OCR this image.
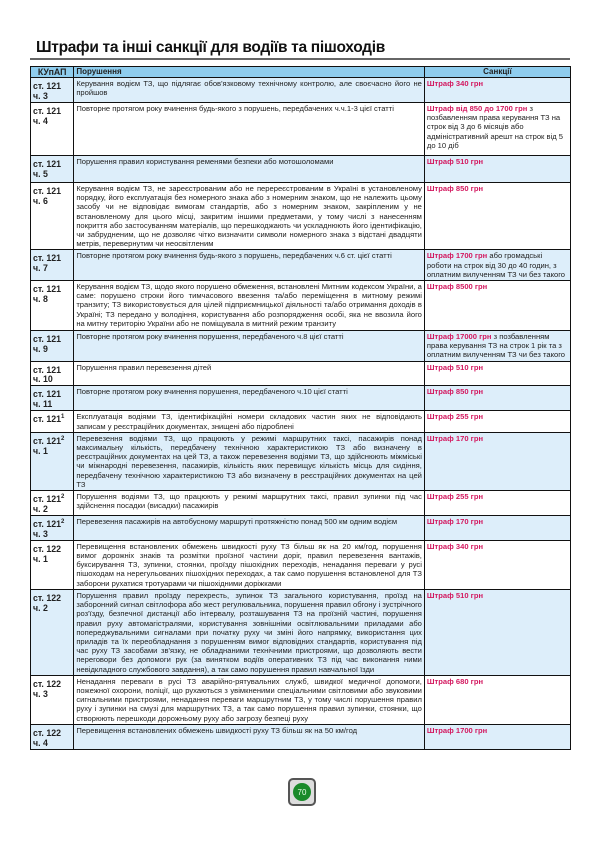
Штрафи та інші санкції для водіїв та пішоходів
КУпАП	Порушення	Санкції
ст. 121
ч. 3	Керування водієм ТЗ, що підлягає обов'язковому технічному контролю, але своєчасно його не пройшов	Штраф 340 грн
ст. 121
ч. 4	Повторне протягом року вчинення будь-якого з порушень, передбачених ч.ч.1-3 цієї статті	Штраф від 850 до 1700 грн з позбавленням права керування ТЗ на строк від 3 до 6 місяців або адміністративний арешт на строк від 5 до 10 діб
ст. 121
ч. 5	Порушення правил користування ременями безпеки або мотошоломами	Штраф 510 грн
ст. 121
ч. 6	Керування водієм ТЗ, не зареєстрованим або не перереєстрованим в Україні в установленому порядку, його експлуатація без номерного знака або з номерним знаком, що не належить цьому засобу чи не відповідає вимогам стандартів, або з номерним знаком, закріпленим у не встановленому для цього місці, закритим іншими предметами, у тому числі з нанесенням покриття або застосуванням матеріалів, що перешкоджають чи ускладнюють його ідентифікацію, чи забрудненим, що не дозволяє чітко визначити символи номерного знака з відстані двадцяти метрів, перевернутим чи неосвітленим	Штраф 850 грн
ст. 121
ч. 7	Повторне протягом року вчинення будь-якого з порушень, передбачених ч.6 ст. цієї статті	Штраф 1700 грн або громадські роботи на строк від 30 до 40 годин, з оплатним вилученням ТЗ чи без такого
ст. 121
ч. 8	Керування водієм ТЗ, щодо якого порушено обмеження, встановлені Митним кодексом України, а саме: порушено строки його тимчасового ввезення та/або переміщення в митному режимі транзиту; ТЗ використовується для цілей підприємницької діяльності та/або отримання доходів в Україні; ТЗ передано у володіння, користування або розпорядження особі, яка не ввозила його на митну територію України або не поміщувала в митний режим транзиту	Штраф 8500 грн
ст. 121
ч. 9	Повторне протягом року вчинення порушення, передбаченого ч.8 цієї статті	Штраф 17000 грн з позбавленням права керування ТЗ на строк 1 рік та з оплатним вилученням ТЗ чи без такого
ст. 121
ч. 10	Порушення правил перевезення дітей	Штраф 510 грн
ст. 121
ч. 11	Повторне протягом року вчинення порушення, передбаченого ч.10 цієї статті	Штраф 850 грн
ст. $121^1$	Експлуатація водіями ТЗ, ідентифікаційні номери складових частин яких не відповідають записам у реєстраційних документах, знищені або підроблені	Штраф 255 грн
ст. $121^2$
ч. 1	Перевезення водіями ТЗ, що працюють у режимі маршрутних таксі, пасажирів понад максимальну кількість, передбачену технічною характеристикою ТЗ або визначену в реєстраційних документах на цей ТЗ, а також перевезення водіями ТЗ, що здійснюють міжміські чи міжнародні перевезення, пасажирів, кількість яких перевищує кількість місць для сидіння, передбачену технічною характеристикою ТЗ або визначену в реєстраційних документах на цей ТЗ	Штраф 170 грн
ст. $121^2$
ч. 2	Порушення водіями ТЗ, що працюють у режимі маршрутних таксі, правил зупинки під час здійснення посадки (висадки) пасажирів	Штраф 255 грн
ст. $121^2$
ч. 3	Перевезення пасажирів на автобусному маршруті протяжністю понад 500 км одним водієм	Штраф 170 грн
ст. 122
ч. 1	Перевищення встановлених обмежень швидкості руху ТЗ більш як на 20 км/год, порушення вимог дорожніх знаків та розмітки проїзної частини доріг, правил перевезення вантажів, буксирування ТЗ, зупинки, стоянки, проїзду пішохідних переходів, ненадання переваги у русі пішоходам на нерегульованих пішохідних переходах, а так само порушення встановленої для ТЗ заборони рухатися тротуарами чи пішохідними доріжками	Штраф 340 грн
ст. 122
ч. 2	Порушення правил проїзду перехресть, зупинок ТЗ загального користування, проїзд на заборонний сигнал світлофора або жест регулювальника, порушення правил обгону і зустрічного роз'їзду, безпечної дистанції або інтервалу, розташування ТЗ на проїзній частині, порушення правил руху автомагістралями, користування зовнішніми освітлювальними приладами або попереджувальними сигналами при початку руху чи зміні його напрямку, використання цих приладів та їх переобладнання з порушенням вимог відповідних стандартів, користування під час руху ТЗ засобами зв'язку, не обладнаними технічними пристроями, що дозволяють вести переговори без допомоги рук (за винятком водіїв оперативних ТЗ під час виконання ними невідкладного службового завдання), а так само порушення правил навчальної їзди	Штраф 510 грн
ст. 122
ч. 3	Ненадання переваги в русі ТЗ аварійно-рятувальних служб, швидкої медичної допомоги, пожежної охорони, поліції, що рухаються з увімкненими спеціальними світловими або звуковими сигнальними пристроями, ненадання переваги маршрутним ТЗ, у тому числі порушення правил руху і зупинки на смузі для маршрутних ТЗ, а так само порушення правил зупинки, стоянки, що створюють перешкоди дорожньому руху або загрозу безпеці руху	Штраф 680 грн
ст. 122
ч. 4	Перевищення встановлених обмежень швидкості руху ТЗ більш як на 50 км/год	Штраф 1700 грн
70
